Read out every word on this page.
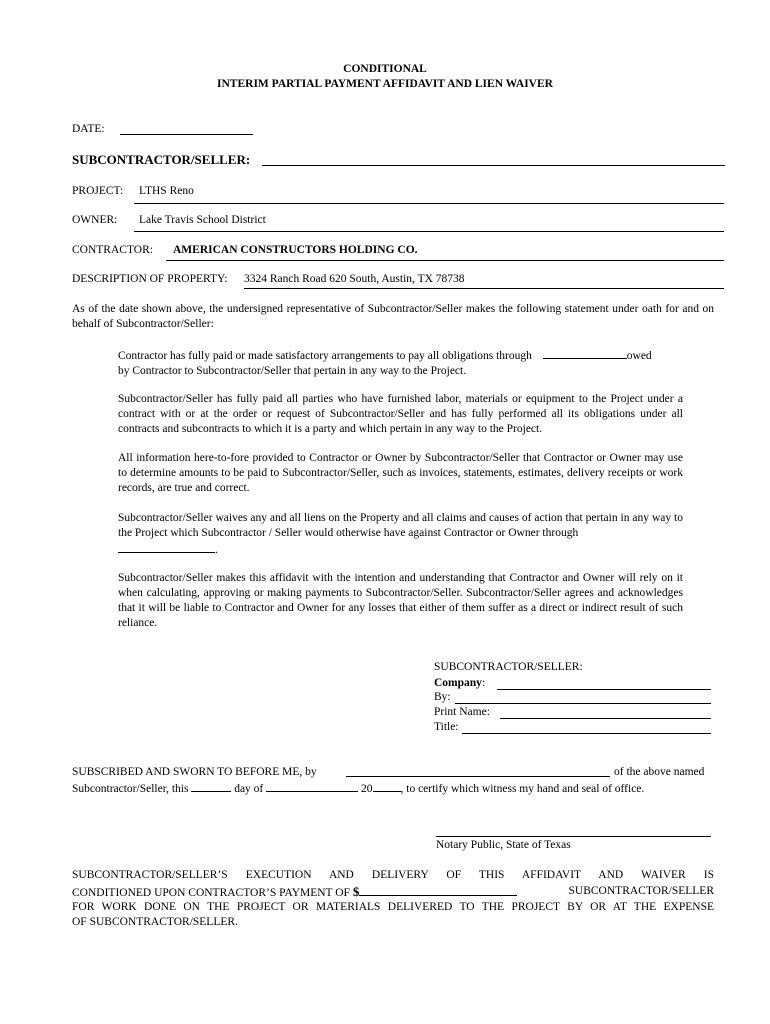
CONDITIONAL
INTERIM PARTIAL PAYMENT AFFIDAVIT AND LIEN WAIVER
DATE:
SUBCONTRACTOR/SELLER:
PROJECT: LTHS Reno
OWNER: Lake Travis School District
CONTRACTOR: AMERICAN CONSTRUCTORS HOLDING CO.
DESCRIPTION OF PROPERTY: 3324 Ranch Road 620 South, Austin, TX 78738
As of the date shown above, the undersigned representative of Subcontractor/Seller makes the following statement under oath for and on behalf of Subcontractor/Seller:
Contractor has fully paid or made satisfactory arrangements to pay all obligations through	owed
by Contractor to Subcontractor/Seller that pertain in any way to the Project.
Subcontractor/Seller has fully paid all parties who have furnished labor, materials or equipment to the Project under a contract with or at the order or request of Subcontractor/Seller and has fully performed all its obligations under all contracts and subcontracts to which it is a party and which pertain in any way to the Project.
All information here-to-fore provided to Contractor or Owner by Subcontractor/Seller that Contractor or Owner may use to determine amounts to be paid to Subcontractor/Seller, such as invoices, statements, estimates, delivery receipts or work records, are true and correct.
Subcontractor/Seller waives any and all liens on the Property and all claims and causes of action that pertain in any way to the Project which Subcontractor / Seller would otherwise have against Contractor or Owner through
.
Subcontractor/Seller makes this affidavit with the intention and understanding that Contractor and Owner will rely on it when calculating, approving or making payments to Subcontractor/Seller. Subcontractor/Seller agrees and acknowledges that it will be liable to Contractor and Owner for any losses that either of them suffer as a direct or indirect result of such reliance.
SUBCONTRACTOR/SELLER:
Company:
By:
Print Name:
Title:
SUBSCRIBED AND SWORN TO BEFORE ME, by	of the above named
Subcontractor/Seller, this	day of	20 , to certify which witness my hand and seal of office.
Notary Public, State of Texas
SUBCONTRACTOR/SELLER’S EXECUTION AND DELIVERY OF THIS AFFIDAVIT AND WAIVER IS
CONDITIONED UPON CONTRACTOR’S PAYMENT OF $	SUBCONTRACTOR/SELLER
FOR WORK DONE ON THE PROJECT OR MATERIALS DELIVERED TO THE PROJECT BY OR AT THE EXPENSE
OF SUBCONTRACTOR/SELLER.
